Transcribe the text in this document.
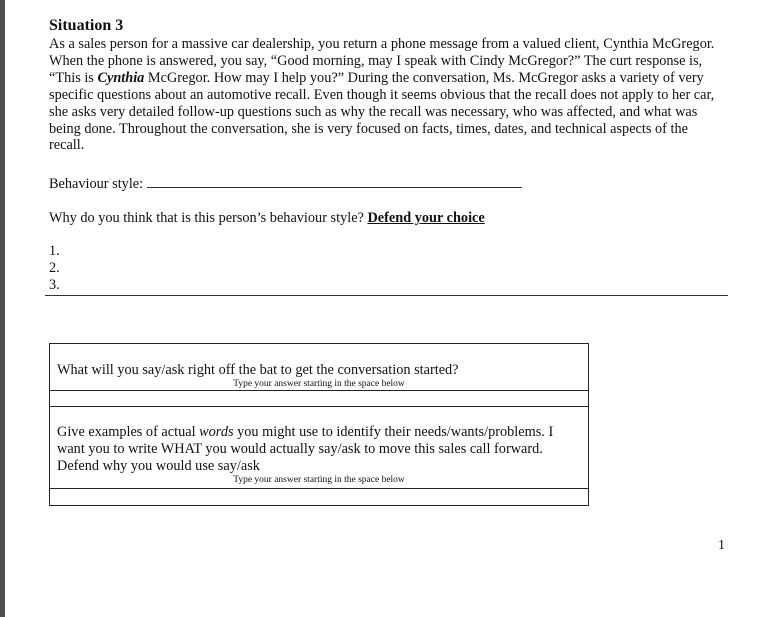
Situation 3

As a sales person for a massive car dealership, you return a phone message from a valued client, Cynthia McGregor. When the phone is answered, you say, “Good morning, may I speak with Cindy McGregor?” The curt response is, “This is Cynthia McGregor. How may I help you?” During the conversation, Ms. McGregor asks a variety of very specific questions about an automotive recall. Even though it seems obvious that the recall does not apply to her car, she asks very detailed follow-up questions such as why the recall was necessary, who was affected, and what was being done. Throughout the conversation, she is very focused on facts, times, dates, and technical aspects of the recall.

Behaviour style:
Why do you think that is this person’s behaviour style? Defend your choice
1.
2.
3.

What will you say/ask right off the bat to get the conversation started?

Type your answer starting in the space below

Give examples of actual words you might use to identify their needs/wants/problems. I want you to write WHAT you would actually say/ask to move this sales call forward. Defend why you would use say/ask

Type your answer starting in the space below

1
